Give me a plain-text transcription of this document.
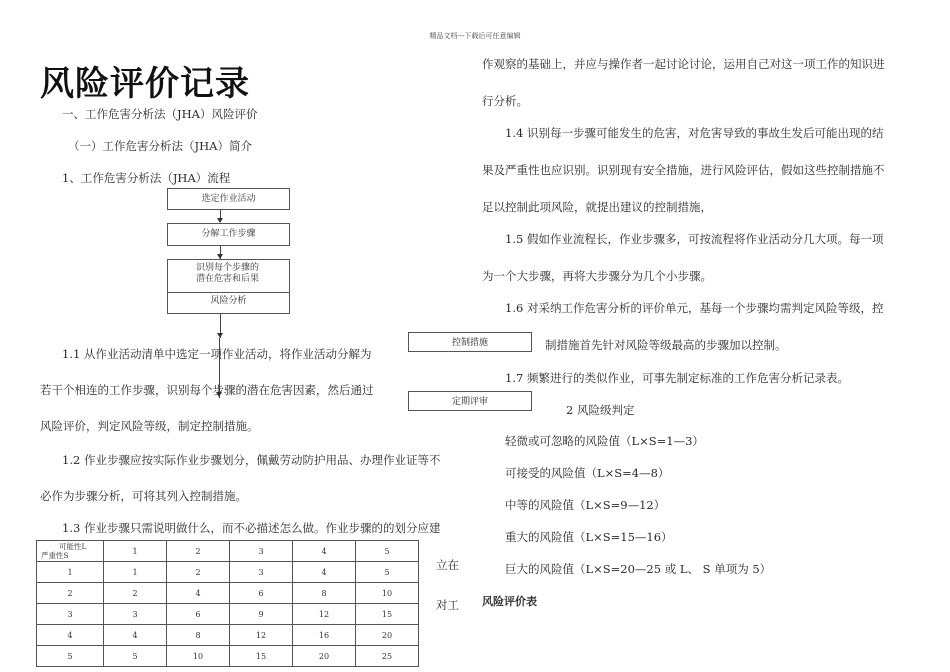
精品文档---下载后可任意编辑
风险评价记录
一、工作危害分析法（JHA）风险评价
（一）工作危害分析法（JHA）简介
1、工作危害分析法（JHA）流程
选定作业活动
分解工作步骤
识别每个步骤的
潜在危害和后果
风险分析
控制措施
定期评审
1.1 从作业活动清单中选定一项作业活动，将作业活动分解为
若干个相连的工作步骤，识别每个步骤的潜在危害因素，然后通过
风险评价，判定风险等级，制定控制措施。
1.2 作业步骤应按实际作业步骤划分，佩戴劳动防护用品、办理作业证等不
必作为步骤分析，可将其列入控制措施。
1.3 作业步骤只需说明做什么，而不必描述怎么做。作业步骤的的划分应建
立在
对工
可能性L
严重性S	1	2	3	4	5
1	1	2	3	4	5
2	2	4	6	8	10
3	3	6	9	12	15
4	4	8	12	16	20
5	5	10	15	20	25
作观察的基础上，并应与操作者一起讨论讨论，运用自己对这一项工作的知识进
行分析。
1.4 识别每一步骤可能发生的危害，对危害导致的事故生发后可能出现的结
果及严重性也应识别。识别现有安全措施，进行风险评估，假如这些控制措施不
足以控制此项风险，就提出建议的控制措施，
1.5 假如作业流程长，作业步骤多，可按流程将作业活动分几大项。每一项
为一个大步骤，再将大步骤分为几个小步骤。
1.6 对采纳工作危害分析的评价单元，基每一个步骤均需判定风险等级，控
制措施首先针对风险等级最高的步骤加以控制。
1.7 频繁进行的类似作业，可事先制定标准的工作危害分析记录表。
2 风险级判定
轻微或可忽略的风险值（L×S=1—3）
可接受的风险值（L×S=4—8）
中等的风险值（L×S=9—12）
重大的风险值（L×S=15—16）
巨大的风险值（L×S=20—25 或 L、 S 单项为 5）
风险评价表
